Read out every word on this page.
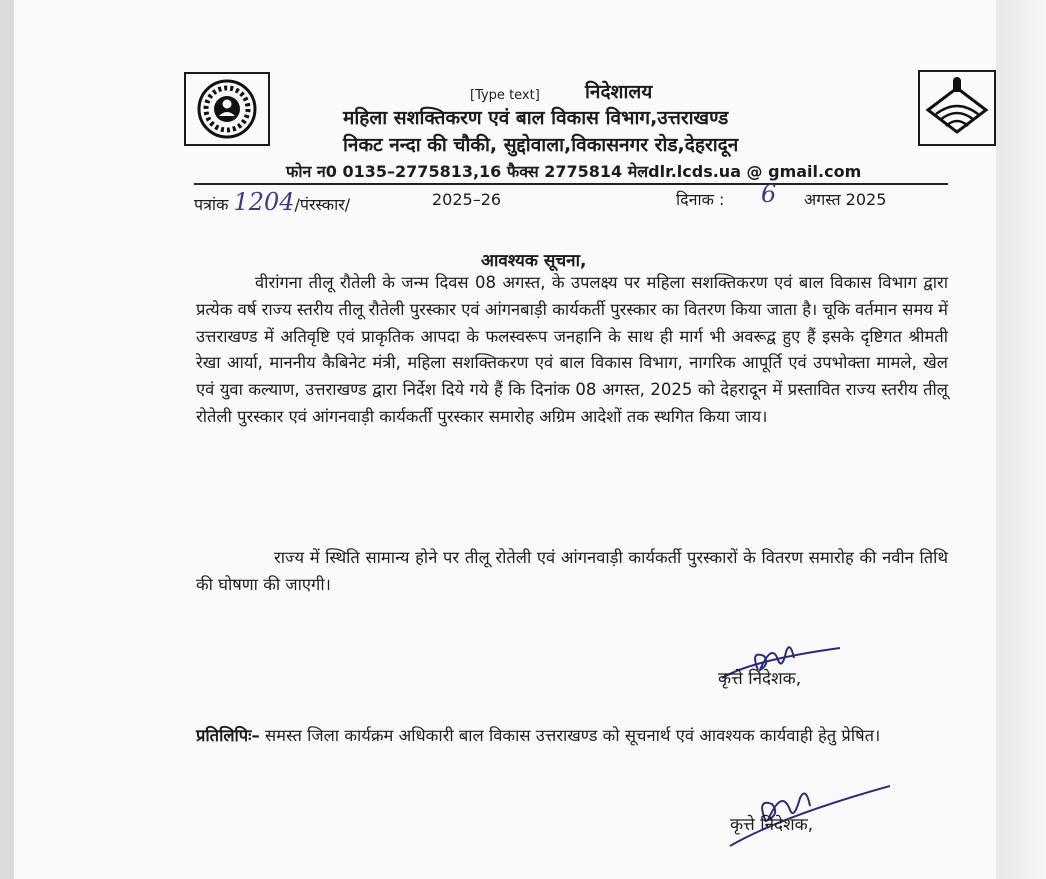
[Type text] निदेशालय
महिला सशक्तिकरण एवं बाल विकास विभाग,उत्तराखण्ड
निकट नन्दा की चौकी, सुद्दोवाला,विकासनगर रोड,देहरादून
फोन न0 0135–2775813,16 फैक्स 2775814 मेलdlr.lcds.ua @ gmail.com
पत्रांक 1204/पंरस्कार/	2025–26	दिनाक : 6 अगस्त 2025
आवश्यक सूचना,
वीरांगना तीलू रौतेली के जन्म दिवस 08 अगस्त, के उपलक्ष्य पर महिला सशक्तिकरण एवं बाल विकास विभाग द्वारा प्रत्येक वर्ष राज्य स्तरीय तीलू रौतेली पुरस्कार एवं आंगनबाड़ी कार्यकर्ती पुरस्कार का वितरण किया जाता है। चूकि वर्तमान समय में उत्तराखण्ड में अतिवृष्टि एवं प्राकृतिक आपदा के फलस्वरूप जनहानि के साथ ही मार्ग भी अवरूद्व हुए हैं इसके दृष्टिगत श्रीमती रेखा आर्या, माननीय कैबिनेट मंत्री, महिला सशक्तिकरण एवं बाल विकास विभाग, नागरिक आपूर्ति एवं उपभोक्ता मामले, खेल एवं युवा कल्याण, उत्तराखण्ड द्वारा निर्देश दिये गये हैं कि दिनांक 08 अगस्त, 2025 को देहरादून में प्रस्तावित राज्य स्तरीय तीलू रोतेली पुरस्कार एवं आंगनवाड़ी कार्यकर्ती पुरस्कार समारोह अग्रिम आदेशों तक स्थगित किया जाय।
राज्य में स्थिति सामान्य होने पर तीलू रोतेली एवं आंगनवाड़ी कार्यकर्ती पुरस्कारों के वितरण समारोह की नवीन तिथि की घोषणा की जाएगी।
कृत्ते निदेशक,
प्रतिलिपिः– समस्त जिला कार्यक्रम अधिकारी बाल विकास उत्तराखण्ड को सूचनार्थ एवं आवश्यक कार्यवाही हेतु प्रेषित।
कृत्ते निदेशक,
